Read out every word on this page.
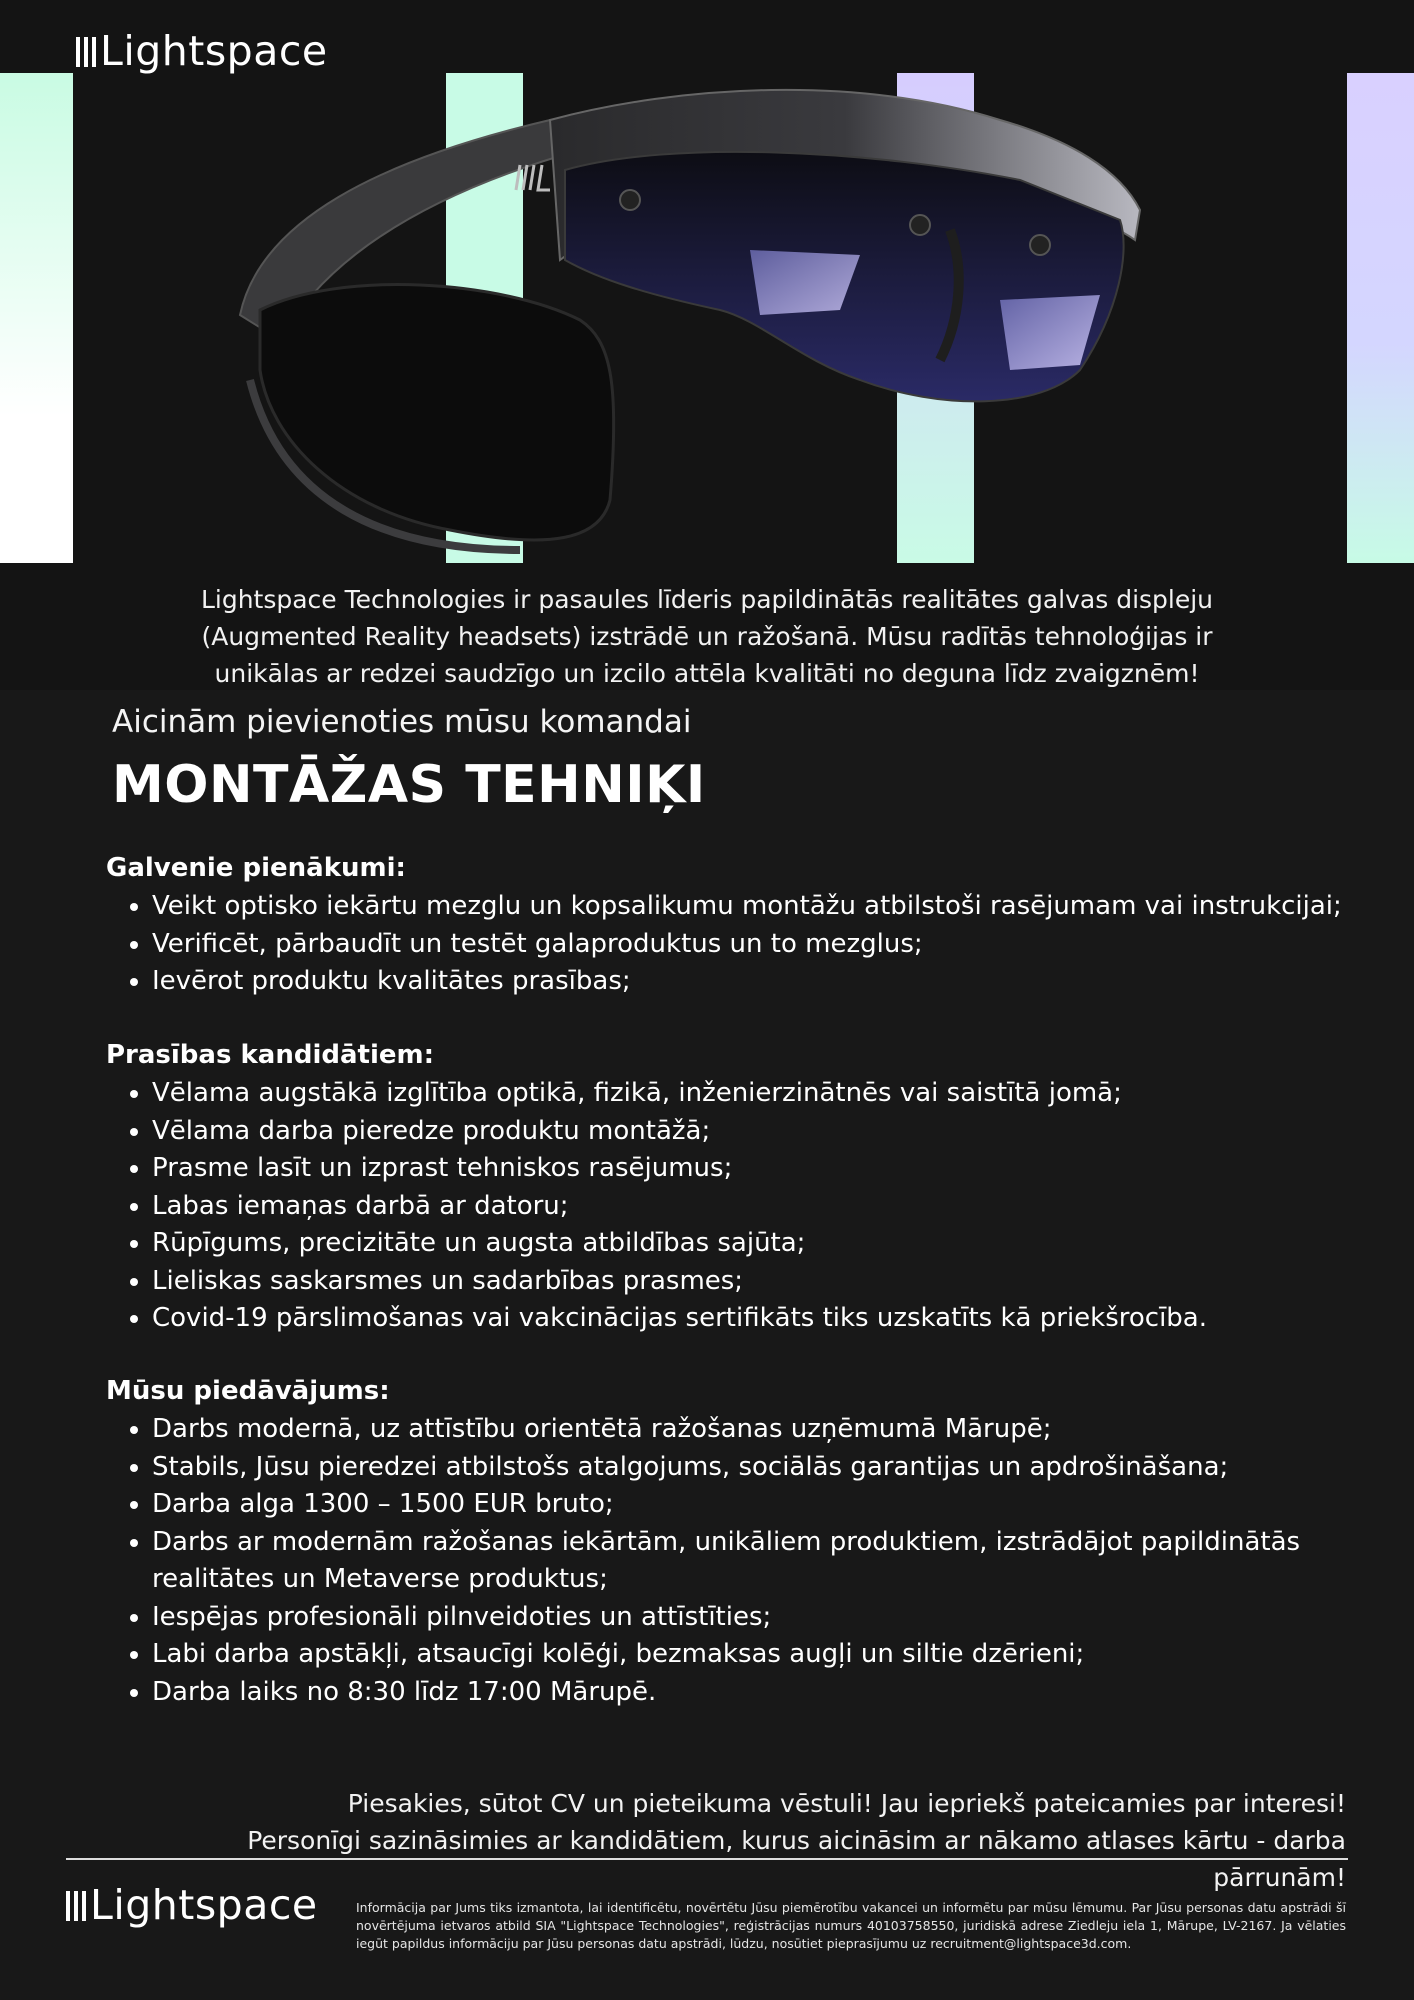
Lightspace

Lightspace Technologies ir pasaules līderis papildinātās realitātes galvas displeju (Augmented Reality headsets) izstrādē un ražošanā. Mūsu radītās tehnoloģijas ir unikālas ar redzei saudzīgo un izcilo attēla kvalitāti no deguna līdz zvaigznēm!

Aicinām pievienoties mūsu komandai
MONTĀŽAS TEHNIĶI
Galvenie pienākumi:
• Veikt optisko iekārtu mezglu un kopsalikumu montāžu atbilstoši rasējumam vai instrukcijai;
• Verificēt, pārbaudīt un testēt galaproduktus un to mezglus;
• Ievērot produktu kvalitātes prasības;
Prasības kandidātiem:
• Vēlama augstākā izglītība optikā, fizikā, inženierzinātnēs vai saistītā jomā;
• Vēlama darba pieredze produktu montāžā;
• Prasme lasīt un izprast tehniskos rasējumus;
• Labas iemaņas darbā ar datoru;
• Rūpīgums, precizitāte un augsta atbildības sajūta;
• Lieliskas saskarsmes un sadarbības prasmes;
• Covid-19 pārslimošanas vai vakcinācijas sertifikāts tiks uzskatīts kā priekšrocība.
Mūsu piedāvājums:
• Darbs modernā, uz attīstību orientētā ražošanas uzņēmumā Mārupē;
• Stabils, Jūsu pieredzei atbilstošs atalgojums, sociālās garantijas un apdrošināšana;
• Darba alga 1300 – 1500 EUR bruto;
• Darbs ar modernām ražošanas iekārtām, unikāliem produktiem, izstrādājot papildinātās realitātes un Metaverse produktus;
• Iespējas profesionāli pilnveidoties un attīstīties;
• Labi darba apstākļi, atsaucīgi kolēģi, bezmaksas augļi un siltie dzērieni;
• Darba laiks no 8:30 līdz 17:00 Mārupē.

Piesakies, sūtot CV un pieteikuma vēstuli! Jau iepriekš pateicamies par interesi! Personīgi sazināsimies ar kandidātiem, kurus aicināsim ar nākamo atlases kārtu - darba pārrunām!

Lightspace	Informācija par Jums tiks izmantota, lai identificētu, novērtētu Jūsu piemērotību vakancei un informētu par mūsu lēmumu. Par Jūsu personas datu apstrādi šī novērtējuma ietvaros atbild SIA "Lightspace Technologies", reģistrācijas numurs 40103758550, juridiskā adrese Ziedleju iela 1, Mārupe, LV-2167. Ja vēlaties iegūt papildus informāciju par Jūsu personas datu apstrādi, lūdzu, nosūtiet pieprasījumu uz recruitment@lightspace3d.com.
